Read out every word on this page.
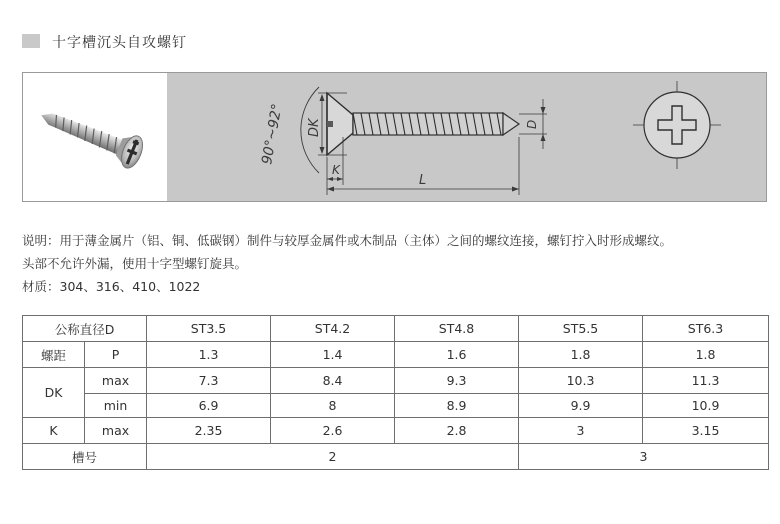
十字槽沉头自攻螺钉
90°~92° DK	D
K
L
说明：用于薄金属片（铝、铜、低碳钢）制件与较厚金属件或木制品（主体）之间的螺纹连接，螺钉拧入时形成螺纹。
头部不允许外漏，使用十字型螺钉旋具。
材质：304、316、410、1022
公称直径D		ST3.5	ST4.2	ST4.8	ST5.5	ST6.3
螺距	P	1.3	1.4	1.6	1.8	1.8
DK	max	7.3	8.4	9.3	10.3	11.3
	min	6.9	8	8.9	9.9	10.9
K	max	2.35	2.6	2.8	3	3.15
槽号		2			3	
